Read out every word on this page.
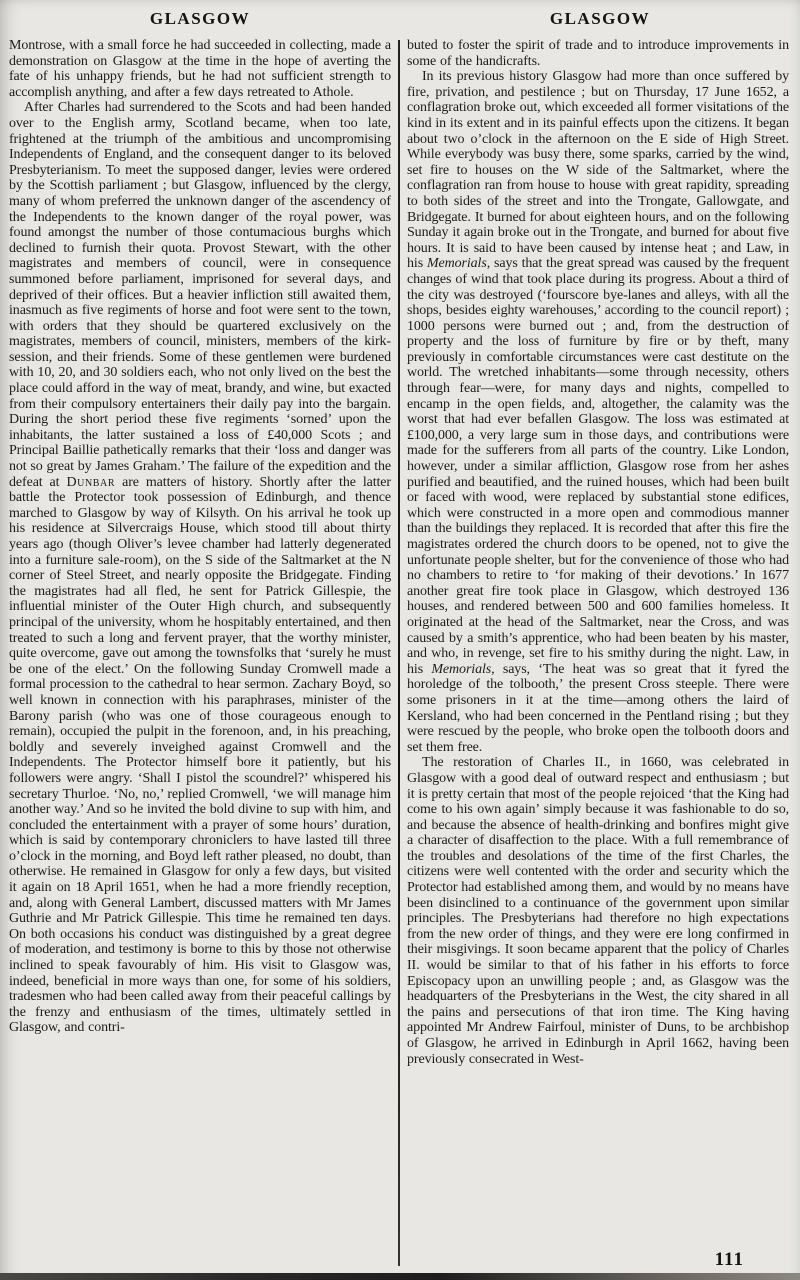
GLASGOW	GLASGOW

Montrose, with a small force he had succeeded in collecting, made a demonstration on Glasgow at the time in the hope of averting the fate of his unhappy friends, but he had not sufficient strength to accomplish anything, and after a few days retreated to Athole.

After Charles had surrendered to the Scots and had been handed over to the English army, Scotland became, when too late, frightened at the triumph of the ambitious and uncompromising Independents of England, and the consequent danger to its beloved Presbyterianism. To meet the supposed danger, levies were ordered by the Scottish parliament ; but Glasgow, influenced by the clergy, many of whom preferred the unknown danger of the ascendency of the Independents to the known danger of the royal power, was found amongst the number of those contumacious burghs which declined to furnish their quota. Provost Stewart, with the other magistrates and members of council, were in consequence summoned before parliament, imprisoned for several days, and deprived of their offices. But a heavier infliction still awaited them, inasmuch as five regiments of horse and foot were sent to the town, with orders that they should be quartered exclusively on the magistrates, members of council, ministers, members of the kirk-session, and their friends. Some of these gentlemen were burdened with 10, 20, and 30 soldiers each, who not only lived on the best the place could afford in the way of meat, brandy, and wine, but exacted from their compulsory entertainers their daily pay into the bargain. During the short period these five regiments ‘sorned’ upon the inhabitants, the latter sustained a loss of £40,000 Scots ; and Principal Baillie pathetically remarks that their ‘loss and danger was not so great by James Graham.’ The failure of the expedition and the defeat at Dunbar are matters of history. Shortly after the latter battle the Protector took possession of Edinburgh, and thence marched to Glasgow by way of Kilsyth. On his arrival he took up his residence at Silvercraigs House, which stood till about thirty years ago (though Oliver’s levee chamber had latterly degenerated into a furniture sale-room), on the S side of the Saltmarket at the N corner of Steel Street, and nearly opposite the Bridgegate. Finding the magistrates had all fled, he sent for Patrick Gillespie, the influential minister of the Outer High church, and subsequently principal of the university, whom he hospitably entertained, and then treated to such a long and fervent prayer, that the worthy minister, quite overcome, gave out among the townsfolks that ‘surely he must be one of the elect.’ On the following Sunday Cromwell made a formal procession to the cathedral to hear sermon. Zachary Boyd, so well known in connection with his paraphrases, minister of the Barony parish (who was one of those courageous enough to remain), occupied the pulpit in the forenoon, and, in his preaching, boldly and severely inveighed against Cromwell and the Independents. The Protector himself bore it patiently, but his followers were angry. ‘Shall I pistol the scoundrel?’ whispered his secretary Thurloe. ‘No, no,’ replied Cromwell, ‘we will manage him another way.’ And so he invited the bold divine to sup with him, and concluded the entertainment with a prayer of some hours’ duration, which is said by contemporary chroniclers to have lasted till three o’clock in the morning, and Boyd left rather pleased, no doubt, than otherwise. He remained in Glasgow for only a few days, but visited it again on 18 April 1651, when he had a more friendly reception, and, along with General Lambert, discussed matters with Mr James Guthrie and Mr Patrick Gillespie. This time he remained ten days. On both occasions his conduct was distinguished by a great degree of moderation, and testimony is borne to this by those not otherwise inclined to speak favourably of him. His visit to Glasgow was, indeed, beneficial in more ways than one, for some of his soldiers, tradesmen who had been called away from their peaceful callings by the frenzy and enthusiasm of the times, ultimately settled in Glasgow, and contri-

buted to foster the spirit of trade and to introduce improvements in some of the handicrafts.

In its previous history Glasgow had more than once suffered by fire, privation, and pestilence ; but on Thursday, 17 June 1652, a conflagration broke out, which exceeded all former visitations of the kind in its extent and in its painful effects upon the citizens. It began about two o’clock in the afternoon on the E side of High Street. While everybody was busy there, some sparks, carried by the wind, set fire to houses on the W side of the Saltmarket, where the conflagration ran from house to house with great rapidity, spreading to both sides of the street and into the Trongate, Gallowgate, and Bridgegate. It burned for about eighteen hours, and on the following Sunday it again broke out in the Trongate, and burned for about five hours. It is said to have been caused by intense heat ; and Law, in his Memorials, says that the great spread was caused by the frequent changes of wind that took place during its progress. About a third of the city was destroyed (‘fourscore bye-lanes and alleys, with all the shops, besides eighty warehouses,’ according to the council report) ; 1000 persons were burned out ; and, from the destruction of property and the loss of furniture by fire or by theft, many previously in comfortable circumstances were cast destitute on the world. The wretched inhabitants—some through necessity, others through fear—were, for many days and nights, compelled to encamp in the open fields, and, altogether, the calamity was the worst that had ever befallen Glasgow. The loss was estimated at £100,000, a very large sum in those days, and contributions were made for the sufferers from all parts of the country. Like London, however, under a similar affliction, Glasgow rose from her ashes purified and beautified, and the ruined houses, which had been built or faced with wood, were replaced by substantial stone edifices, which were constructed in a more open and commodious manner than the buildings they replaced. It is recorded that after this fire the magistrates ordered the church doors to be opened, not to give the unfortunate people shelter, but for the convenience of those who had no chambers to retire to ‘for making of their devotions.’ In 1677 another great fire took place in Glasgow, which destroyed 136 houses, and rendered between 500 and 600 families homeless. It originated at the head of the Saltmarket, near the Cross, and was caused by a smith’s apprentice, who had been beaten by his master, and who, in revenge, set fire to his smithy during the night. Law, in his Memorials, says, ‘The heat was so great that it fyred the horoledge of the tolbooth,’ the present Cross steeple. There were some prisoners in it at the time—among others the laird of Kersland, who had been concerned in the Pentland rising ; but they were rescued by the people, who broke open the tolbooth doors and set them free.

The restoration of Charles II., in 1660, was celebrated in Glasgow with a good deal of outward respect and enthusiasm ; but it is pretty certain that most of the people rejoiced ‘that the King had come to his own again’ simply because it was fashionable to do so, and because the absence of health-drinking and bonfires might give a character of disaffection to the place. With a full remembrance of the troubles and desolations of the time of the first Charles, the citizens were well contented with the order and security which the Protector had established among them, and would by no means have been disinclined to a continuance of the government upon similar principles. The Presbyterians had therefore no high expectations from the new order of things, and they were ere long confirmed in their misgivings. It soon became apparent that the policy of Charles II. would be similar to that of his father in his efforts to force Episcopacy upon an unwilling people ; and, as Glasgow was the headquarters of the Presbyterians in the West, the city shared in all the pains and persecutions of that iron time. The King having appointed Mr Andrew Fairfoul, minister of Duns, to be archbishop of Glasgow, he arrived in Edinburgh in April 1662, having been previously consecrated in West-

111
